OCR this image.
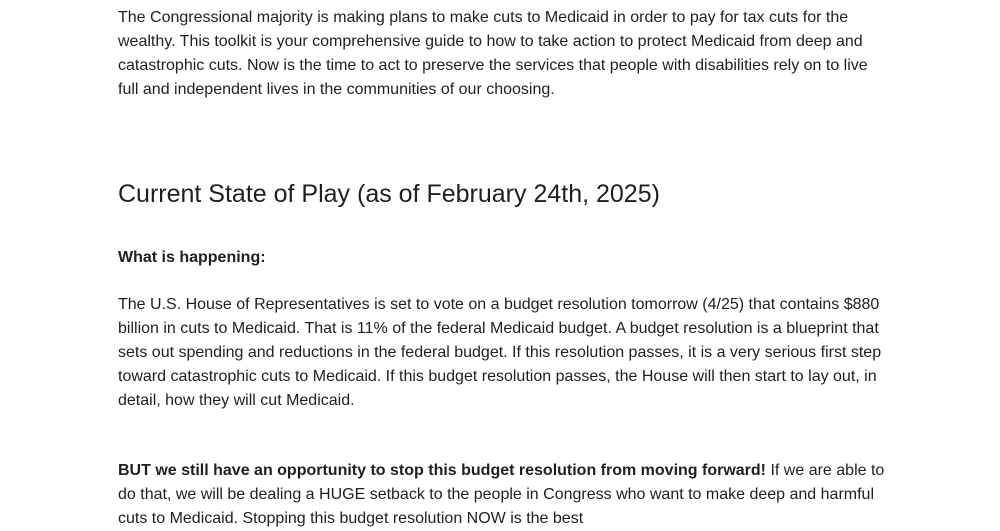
The Congressional majority is making plans to make cuts to Medicaid in order to pay for tax cuts for the wealthy. This toolkit is your comprehensive guide to how to take action to protect Medicaid from deep and catastrophic cuts. Now is the time to act to preserve the services that people with disabilities rely on to live full and independent lives in the communities of our choosing.

Current State of Play (as of February 24th, 2025)

What is happening:

The U.S. House of Representatives is set to vote on a budget resolution tomorrow (4/25) that contains $880 billion in cuts to Medicaid. That is 11% of the federal Medicaid budget. A budget resolution is a blueprint that sets out spending and reductions in the federal budget. If this resolution passes, it is a very serious first step toward catastrophic cuts to Medicaid. If this budget resolution passes, the House will then start to lay out, in detail, how they will cut Medicaid.

BUT we still have an opportunity to stop this budget resolution from moving forward! If we are able to do that, we will be dealing a HUGE setback to the people in Congress who want to make deep and harmful cuts to Medicaid. Stopping this budget resolution NOW is the best
